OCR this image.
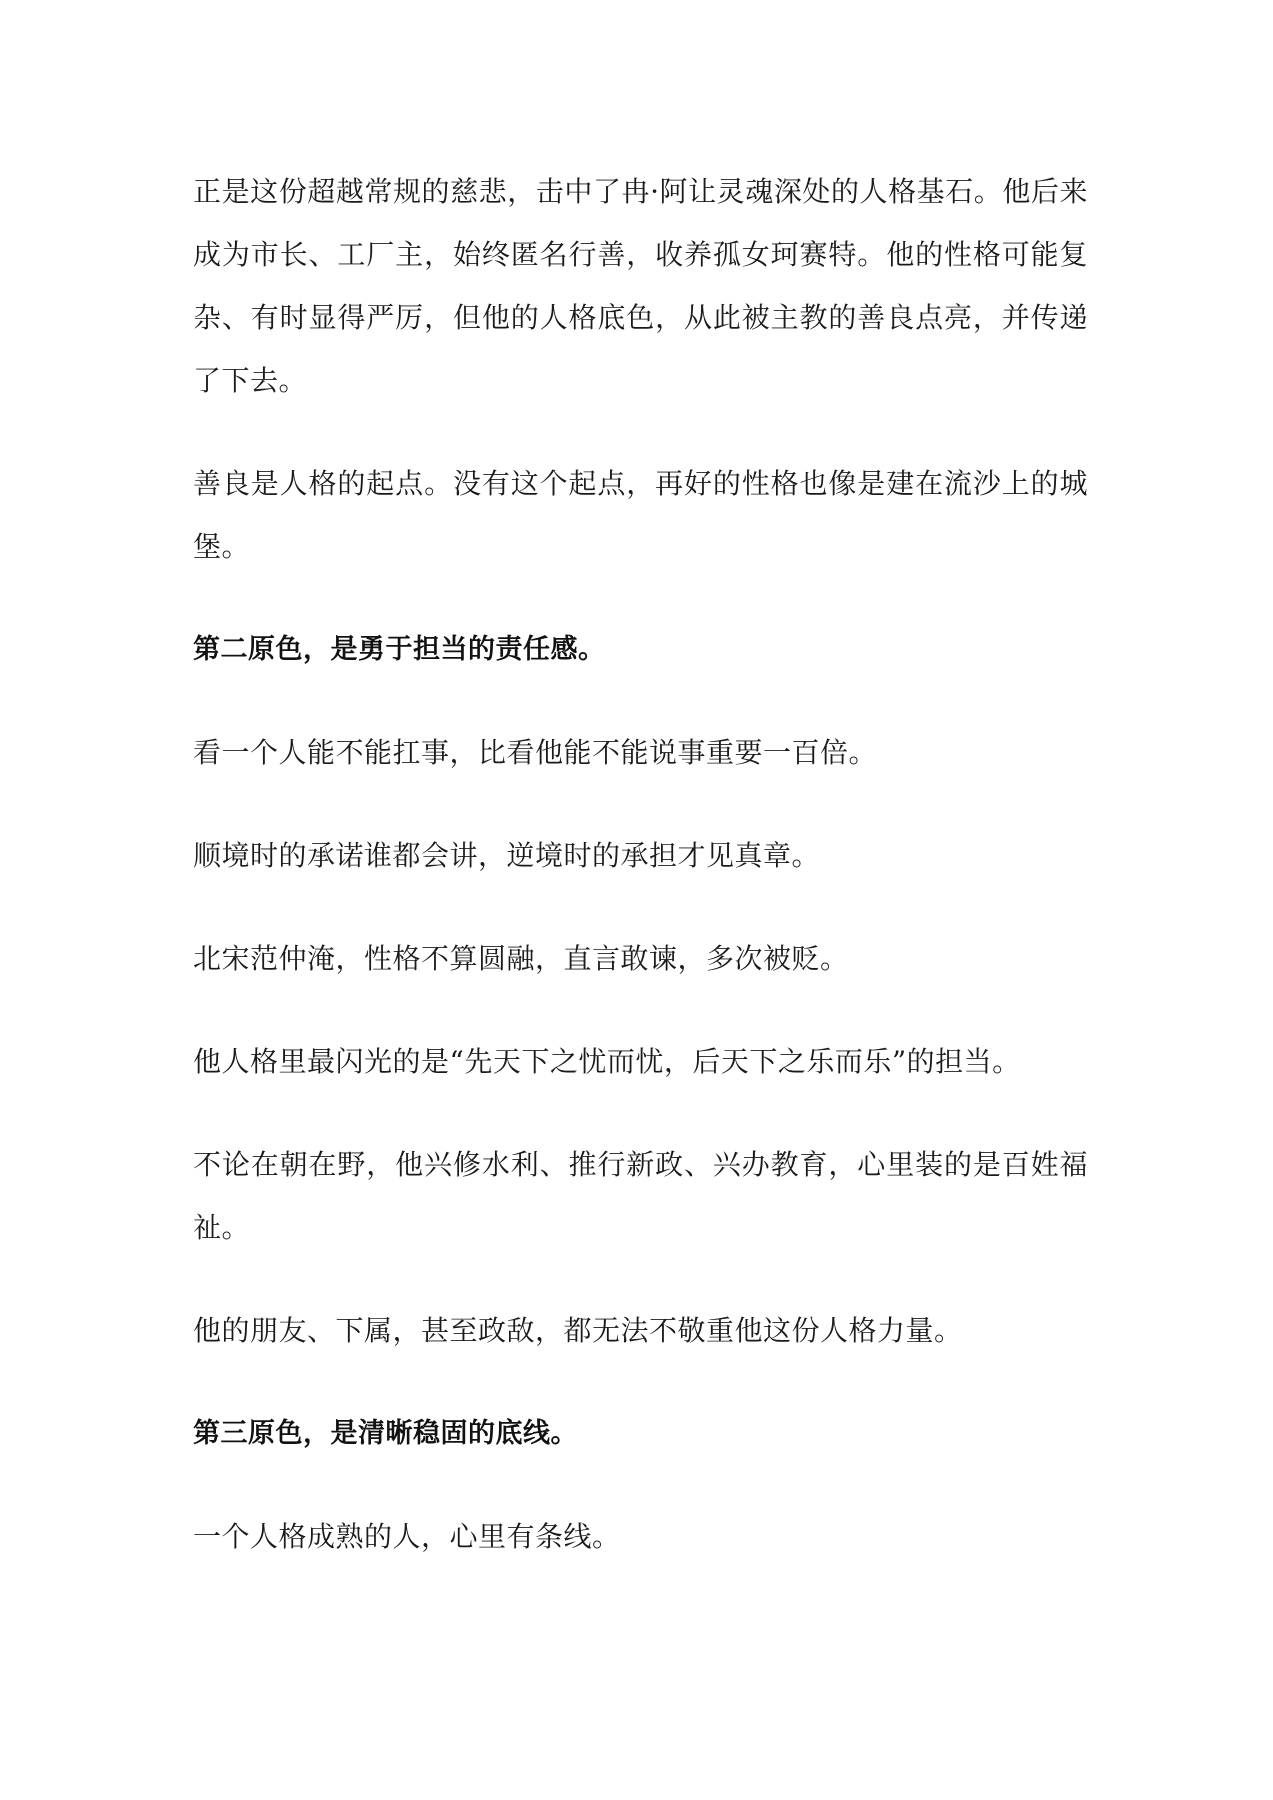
正是这份超越常规的慈悲，击中了冉·阿让灵魂深处的人格基石。他后来成为市长、工厂主，始终匿名行善，收养孤女珂赛特。他的性格可能复杂、有时显得严厉，但他的人格底色，从此被主教的善良点亮，并传递了下去。

善良是人格的起点。没有这个起点，再好的性格也像是建在流沙上的城堡。

第二原色，是勇于担当的责任感。

看一个人能不能扛事，比看他能不能说事重要一百倍。

顺境时的承诺谁都会讲，逆境时的承担才见真章。

北宋范仲淹，性格不算圆融，直言敢谏，多次被贬。

他人格里最闪光的是“先天下之忧而忧，后天下之乐而乐”的担当。

不论在朝在野，他兴修水利、推行新政、兴办教育，心里装的是百姓福祉。

他的朋友、下属，甚至政敌，都无法不敬重他这份人格力量。

第三原色，是清晰稳固的底线。

一个人格成熟的人，心里有条线。
